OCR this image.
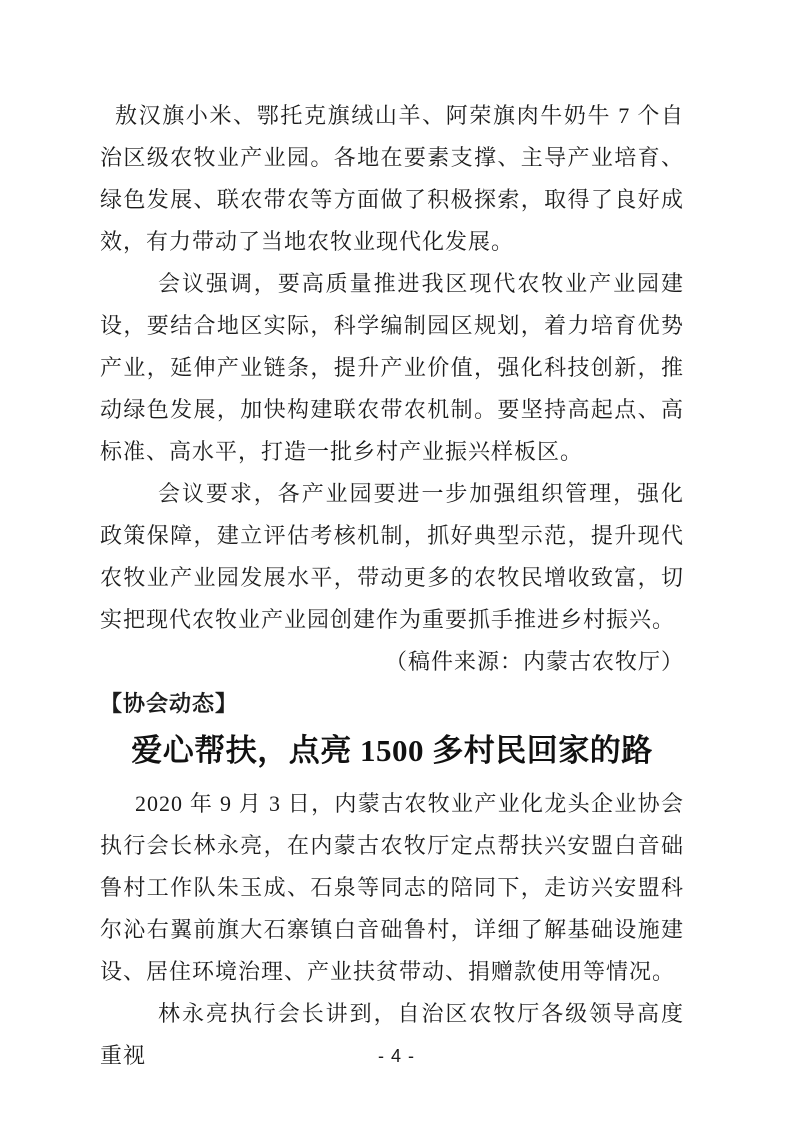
敖汉旗小米、鄂托克旗绒山羊、阿荣旗肉牛奶牛 7 个自治区级农牧业产业园。各地在要素支撑、主导产业培育、绿色发展、联农带农等方面做了积极探索，取得了良好成效，有力带动了当地农牧业现代化发展。

会议强调，要高质量推进我区现代农牧业产业园建设，要结合地区实际，科学编制园区规划，着力培育优势产业，延伸产业链条，提升产业价值，强化科技创新，推动绿色发展，加快构建联农带农机制。要坚持高起点、高标准、高水平，打造一批乡村产业振兴样板区。

会议要求，各产业园要进一步加强组织管理，强化政策保障，建立评估考核机制，抓好典型示范，提升现代农牧业产业园发展水平，带动更多的农牧民增收致富，切实把现代农牧业产业园创建作为重要抓手推进乡村振兴。

（稿件来源：内蒙古农牧厅）

【协会动态】
爱心帮扶，点亮 1500 多村民回家的路

2020 年 9 月 3 日，内蒙古农牧业产业化龙头企业协会执行会长林永亮，在内蒙古农牧厅定点帮扶兴安盟白音础鲁村工作队朱玉成、石泉等同志的陪同下，走访兴安盟科尔沁右翼前旗大石寨镇白音础鲁村，详细了解基础设施建设、居住环境治理、产业扶贫带动、捐赠款使用等情况。

林永亮执行会长讲到，自治区农牧厅各级领导高度重视	- 4 -
